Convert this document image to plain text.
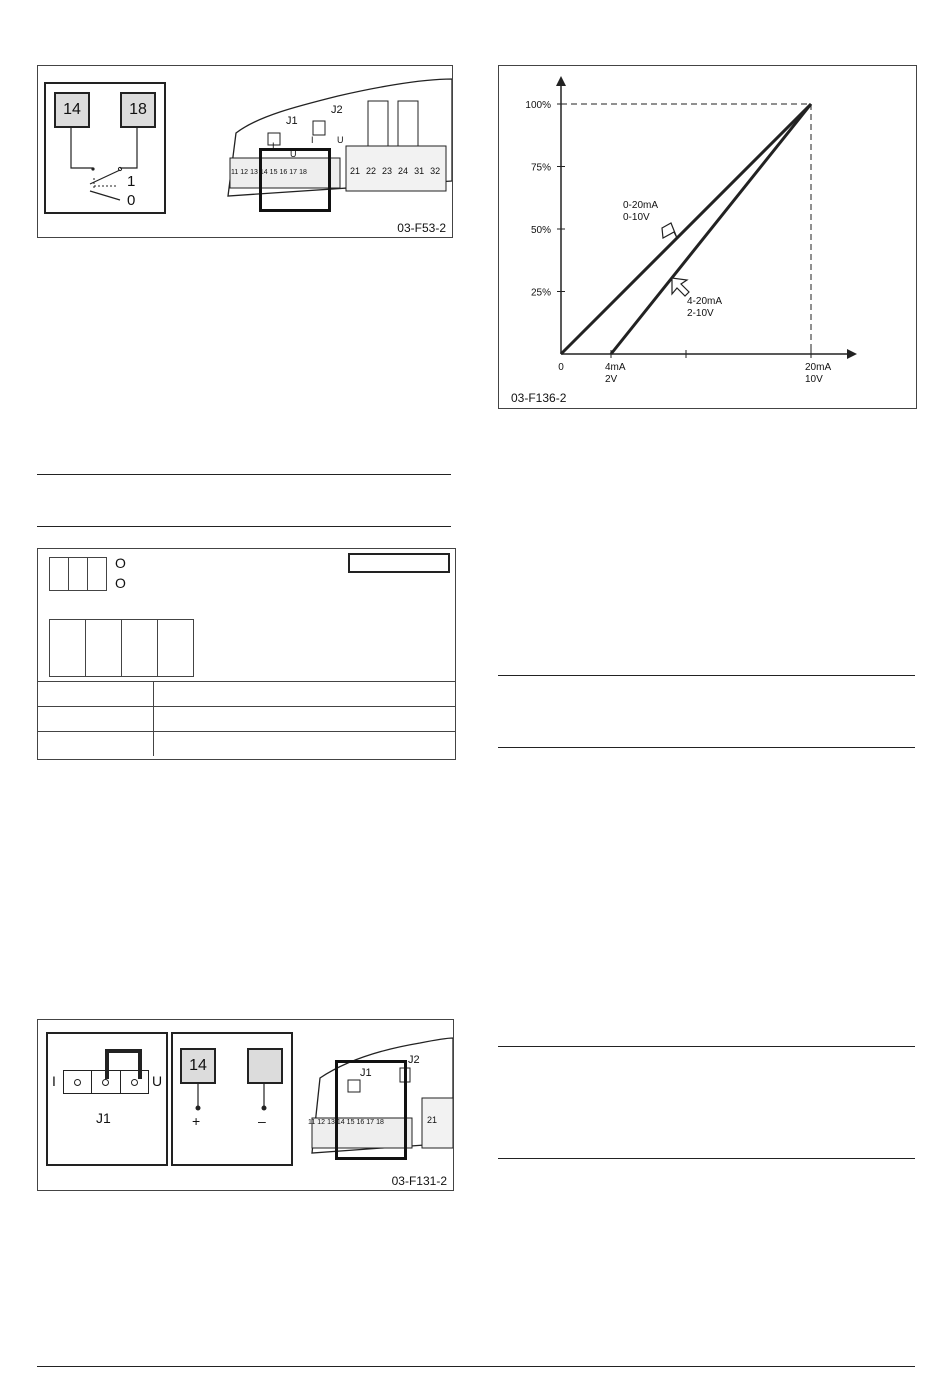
14	18
1
0
J1
J2
I
U
I	U
11 12 13 14 15 16 17 18	21 22 23 24 31 32
03-F53-2
O
O

I	U
J1
14
+	–
J1
J2
11 12 13 14 15 16 17 18	21
03-F131-2
100%
75%
50%
25%
0	4mA
2V
20mA
10V
0-20mA
0-10V
4-20mA
2-10V
03-F136-2
